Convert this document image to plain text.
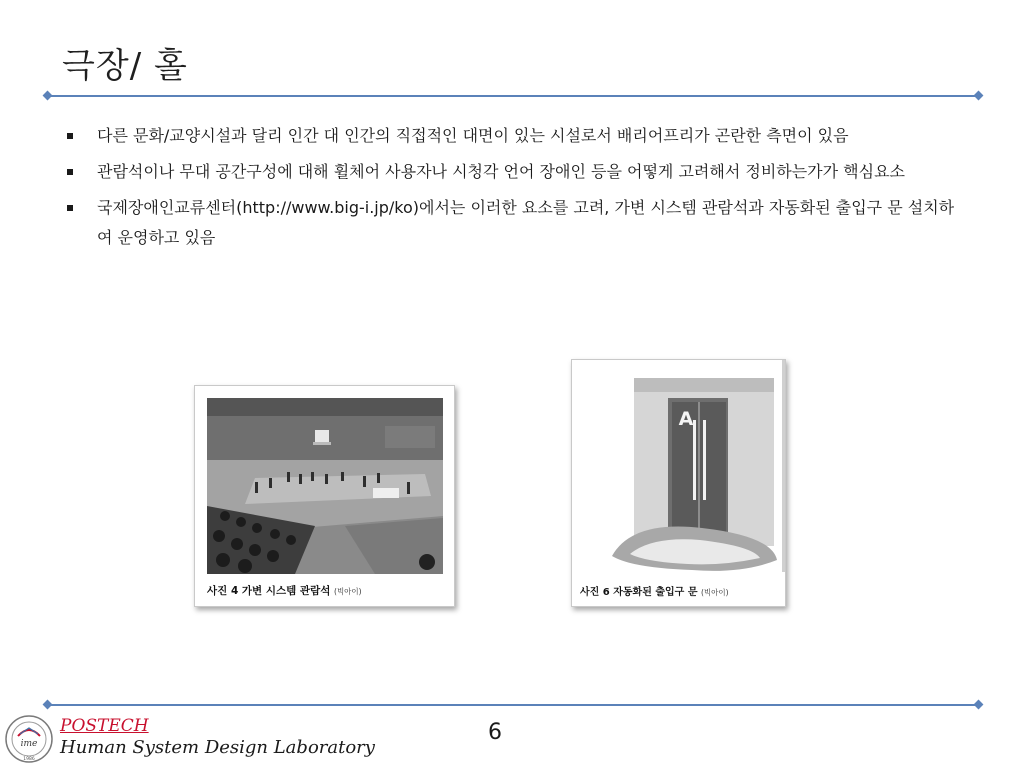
극장/ 홀
다른 문화/교양시설과 달리 인간 대 인간의 직접적인 대면이 있는 시설로서 배리어프리가 곤란한 측면이 있음
관람석이나 무대 공간구성에 대해 휠체어 사용자나 시청각 언어 장애인 등을 어떻게 고려해서 정비하는가가 핵심요소
국제장애인교류센터(http://www.big-i.jp/ko)에서는 이러한 요소를 고려, 가변 시스템 관람석과 자동화된 출입구 문 설치하여 운영하고 있음
사진 4 가변 시스템 관람석 (빅아이)
A
사진 6 자동화된 출입구 문 (빅아이)
ime
1986
POSTECH
Human System Design Laboratory
6
